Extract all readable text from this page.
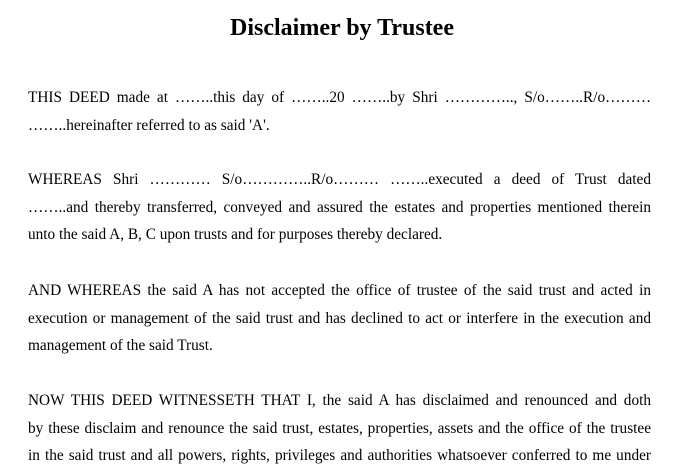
Disclaimer by Trustee

THIS DEED made at ……..this day of ……..20 ……..by Shri ………….., S/o……..R/o………
……..hereinafter referred to as said 'A'.

WHEREAS Shri ………… S/o…………..R/o……… ……..executed a deed of Trust dated
……..and thereby transferred, conveyed and assured the estates and properties mentioned therein
unto the said A, B, C upon trusts and for purposes thereby declared.

AND WHEREAS the said A has not accepted the office of trustee of the said trust and acted in
execution or management of the said trust and has declined to act or interfere in the execution and
management of the said Trust.

NOW THIS DEED WITNESSETH THAT I, the said A has disclaimed and renounced and doth
by these disclaim and renounce the said trust, estates, properties, assets and the office of the trustee
in the said trust and all powers, rights, privileges and authorities whatsoever conferred to me under
